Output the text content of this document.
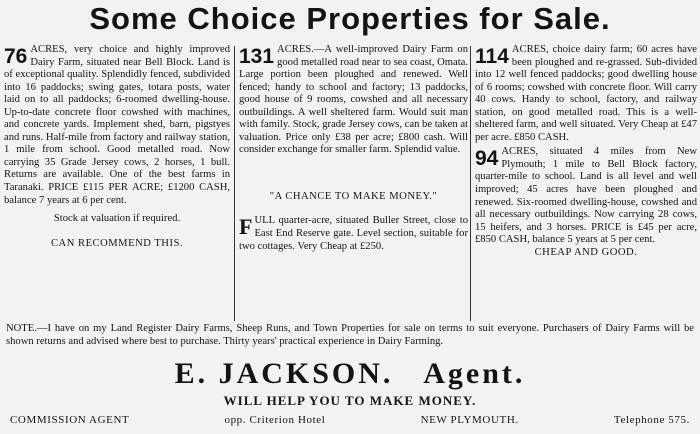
Some Choice Properties for Sale.

76 ACRES, very choice and highly improved Dairy Farm, situated near Bell Block. Land is of exceptional quality. Splendidly fenced, subdivided into 16 paddocks; swing gates, totara posts, water laid on to all paddocks; 6-roomed dwelling-house. Up-to-date concrete floor cowshed with machines, and concrete yards. Implement shed, barn, pigstyes and runs. Half-mile from factory and railway station, 1 mile from school. Good metalled road. Now carrying 35 Grade Jersey cows, 2 horses, 1 bull. Returns are available. One of the best farms in Taranaki. PRICE £115 PER ACRE; £1200 CASH, balance 7 years at 6 per cent.

Stock at valuation if required.

CAN RECOMMEND THIS.

131 ACRES.—A well-improved Dairy Farm on good metalled road near to sea coast, Omata. Large portion been ploughed and renewed. Well fenced; handy to school and factory; 13 paddocks, good house of 9 rooms, cowshed and all necessary outbuildings. A well sheltered farm. Would suit man with family. Stock, grade Jersey cows, can be taken at valuation. Price only £38 per acre; £800 cash. Will consider exchange for smaller farm. Splendid value.

"A CHANCE TO MAKE MONEY."

F ULL quarter-acre, situated Buller Street, close to East End Reserve gate. Level section, suitable for two cottages. Very Cheap at £250.

114 ACRES, choice dairy farm; 60 acres have been ploughed and re-grassed. Sub-divided into 12 well fenced paddocks; good dwelling house of 6 rooms; cowshed with concrete floor. Will carry 40 cows. Handy to school, factory, and railway station, on good metalled road. This is a well-sheltered farm, and well situated. Very Cheap at £47 per acre. £850 CASH.

94 ACRES, situated 4 miles from New Plymouth; 1 mile to Bell Block factory, quarter-mile to school. Land is all level and well improved; 45 acres have been ploughed and renewed. Six-roomed dwelling-house, cowshed and all necessary outbuildings. Now carrying 28 cows, 15 heifers, and 3 horses. PRICE is £45 per acre, £850 CASH, balance 5 years at 5 per cent.

CHEAP AND GOOD.

NOTE.—I have on my Land Register Dairy Farms, Sheep Runs, and Town Properties for sale on terms to suit everyone. Purchasers of Dairy Farms will be shown returns and advised where best to purchase. Thirty years' practical experience in Dairy Farming.
E. JACKSON.   Agent.
WILL HELP YOU TO MAKE MONEY.
COMMISSION AGENT	opp. Criterion Hotel	NEW PLYMOUTH.	Telephone 575.
